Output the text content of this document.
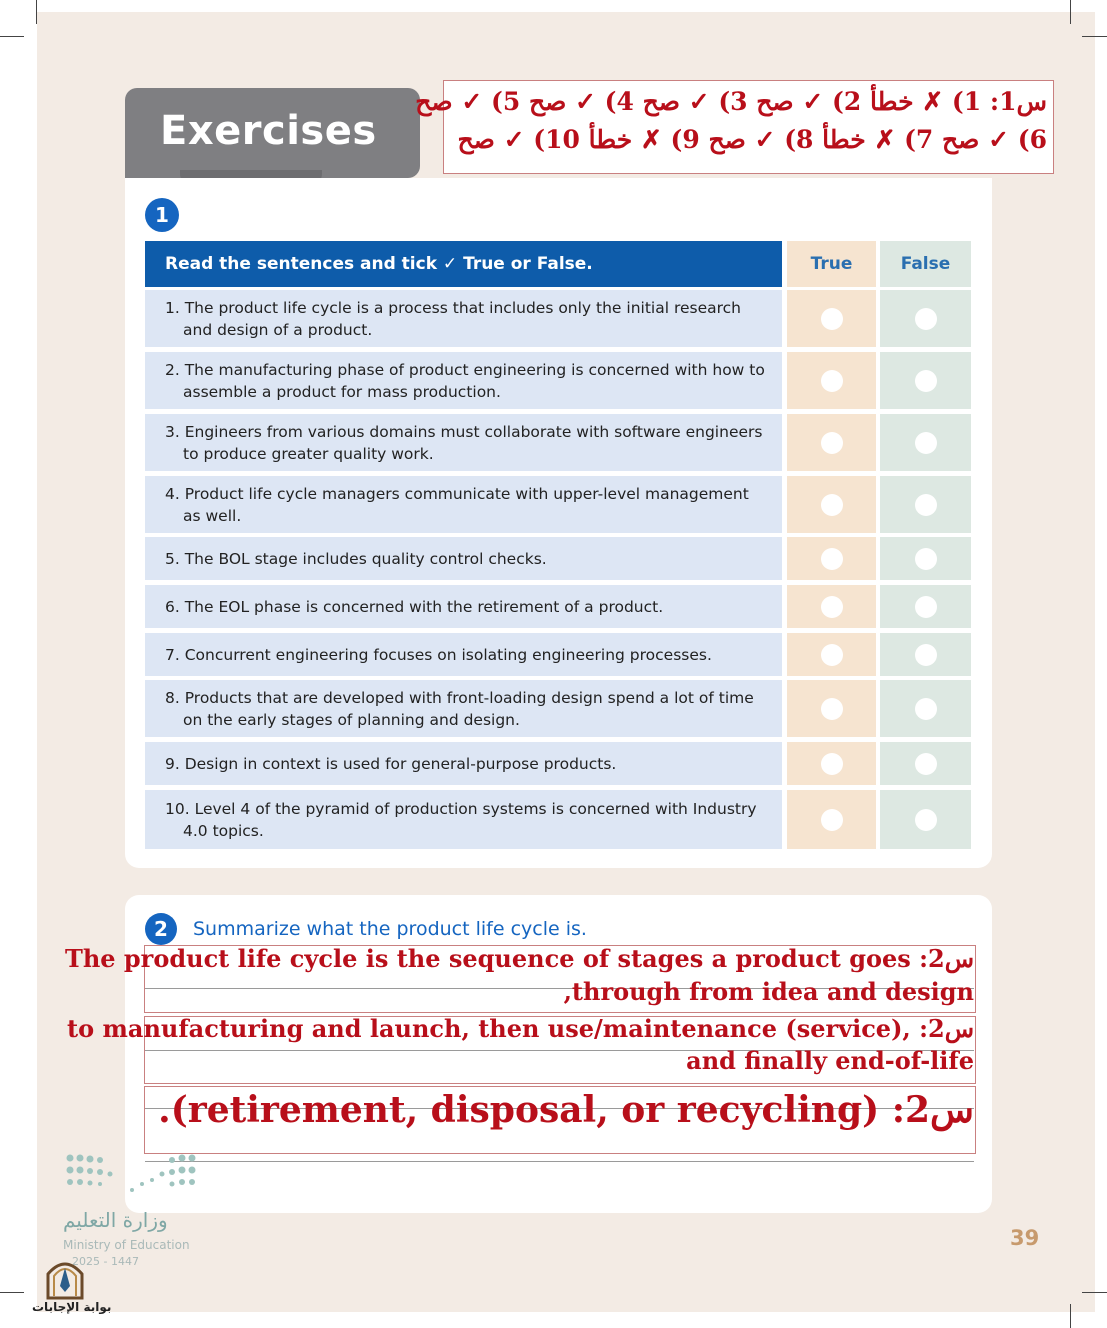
Exercises
س1: 1) ✗ خطأ 2) ✓ صح 3) ✓ صح 4) ✓ صح 5) ✓ صح
6) ✓ صح 7) ✗ خطأ 8) ✓ صح 9) ✗ خطأ 10) ✓ صح
1
Read the sentences and tick ✓ True or False.	True	False
1. The product life cycle is a process that includes only the initial research and design of a product.
2. The manufacturing phase of product engineering is concerned with how to assemble a product for mass production.
3. Engineers from various domains must collaborate with software engineers to produce greater quality work.
4. Product life cycle managers communicate with upper-level management as well.
5. The BOL stage includes quality control checks.
6. The EOL phase is concerned with the retirement of a product.
7. Concurrent engineering focuses on isolating engineering processes.
8. Products that are developed with front-loading design spend a lot of time on the early stages of planning and design.
9. Design in context is used for general-purpose products.
10. Level 4 of the pyramid of production systems is concerned with Industry 4.0 topics.
2	Summarize what the product life cycle is.
The product life cycle is the sequence of stages a product goes :س2
,through from idea and design
to manufacturing and launch, then use/maintenance (service), :س2
and finally end-of-life
.(retirement, disposal, or recycling) :س2
وزارة التعليم
Ministry of Education
2025 - 1447
39
بوابة الإجابات
